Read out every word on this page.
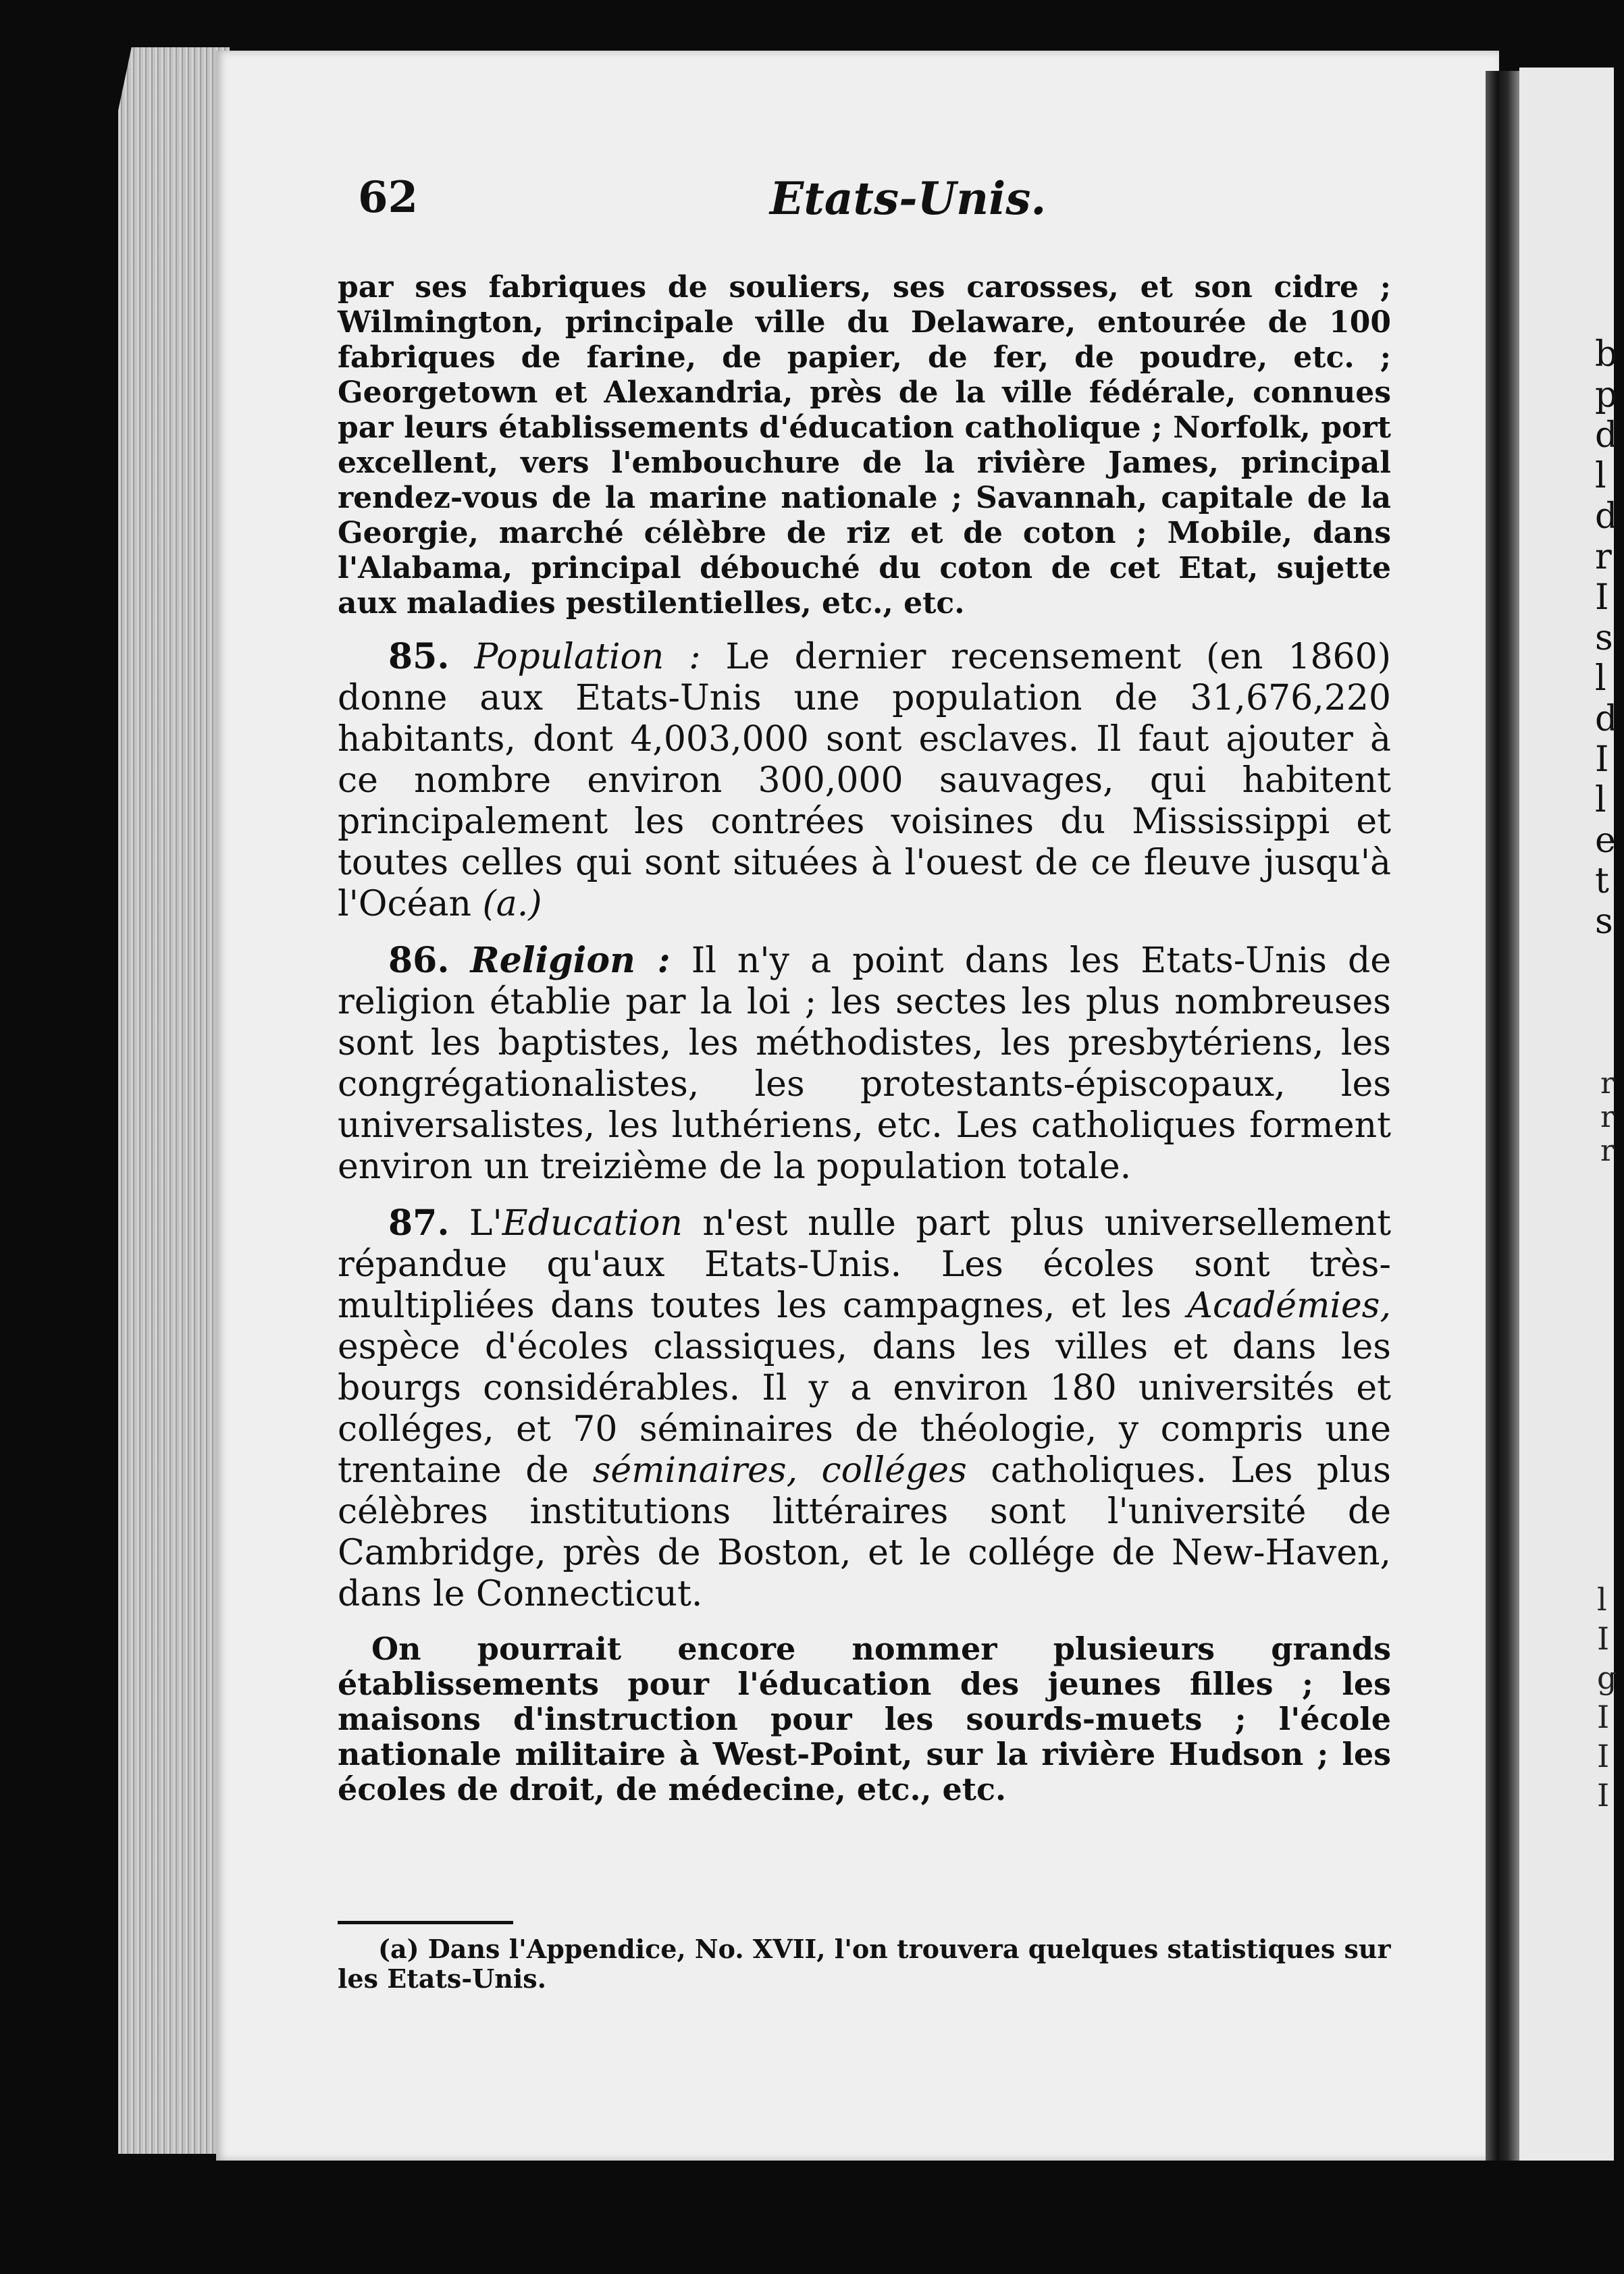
b
p
d
l
d
r
I
s
l
d
I
l
e
t
s
r
r
r
l
I
g
I
I
I
62	Etats-Unis.

par ses fabriques de souliers, ses carosses, et son cidre ; Wilmington, principale ville du Delaware, entourée de 100 fabriques de farine, de papier, de fer, de poudre, etc. ; Georgetown et Alexandria, près de la ville fédérale, connues par leurs établissements d'éducation catholique ; Norfolk, port excellent, vers l'embouchure de la rivière James, principal rendez-vous de la marine nationale ; Savannah, capitale de la Georgie, marché célèbre de riz et de coton ; Mobile, dans l'Alabama, principal débouché du coton de cet Etat, sujette aux maladies pestilentielles, etc., etc.

85. Population : Le dernier recensement (en 1860) donne aux Etats-Unis une population de 31,676,220 habitants, dont 4,003,000 sont esclaves. Il faut ajouter à ce nombre environ 300,000 sauvages, qui habitent principalement les contrées voisines du Mississippi et toutes celles qui sont situées à l'ouest de ce fleuve jusqu'à l'Océan (a.)

86. Religion : Il n'y a point dans les Etats-Unis de religion établie par la loi ; les sectes les plus nombreuses sont les baptistes, les méthodistes, les presbytériens, les congrégationalistes, les protestants-épiscopaux, les universalistes, les luthériens, etc. Les catholiques forment environ un treizième de la population totale.

87. L'Education n'est nulle part plus universellement répandue qu'aux Etats-Unis. Les écoles sont très-multipliées dans toutes les campagnes, et les Académies, espèce d'écoles classiques, dans les villes et dans les bourgs considérables. Il y a environ 180 universités et colléges, et 70 séminaires de théologie, y compris une trentaine de séminaires, colléges catholiques. Les plus célèbres institutions littéraires sont l'université de Cambridge, près de Boston, et le collége de New-Haven, dans le Connecticut.

On pourrait encore nommer plusieurs grands établissements pour l'éducation des jeunes filles ; les maisons d'instruction pour les sourds-muets ; l'école nationale militaire à West-Point, sur la rivière Hudson ; les écoles de droit, de médecine, etc., etc.

(a) Dans l'Appendice, No. XVII, l'on trouvera quelques statistiques sur les Etats-Unis.
